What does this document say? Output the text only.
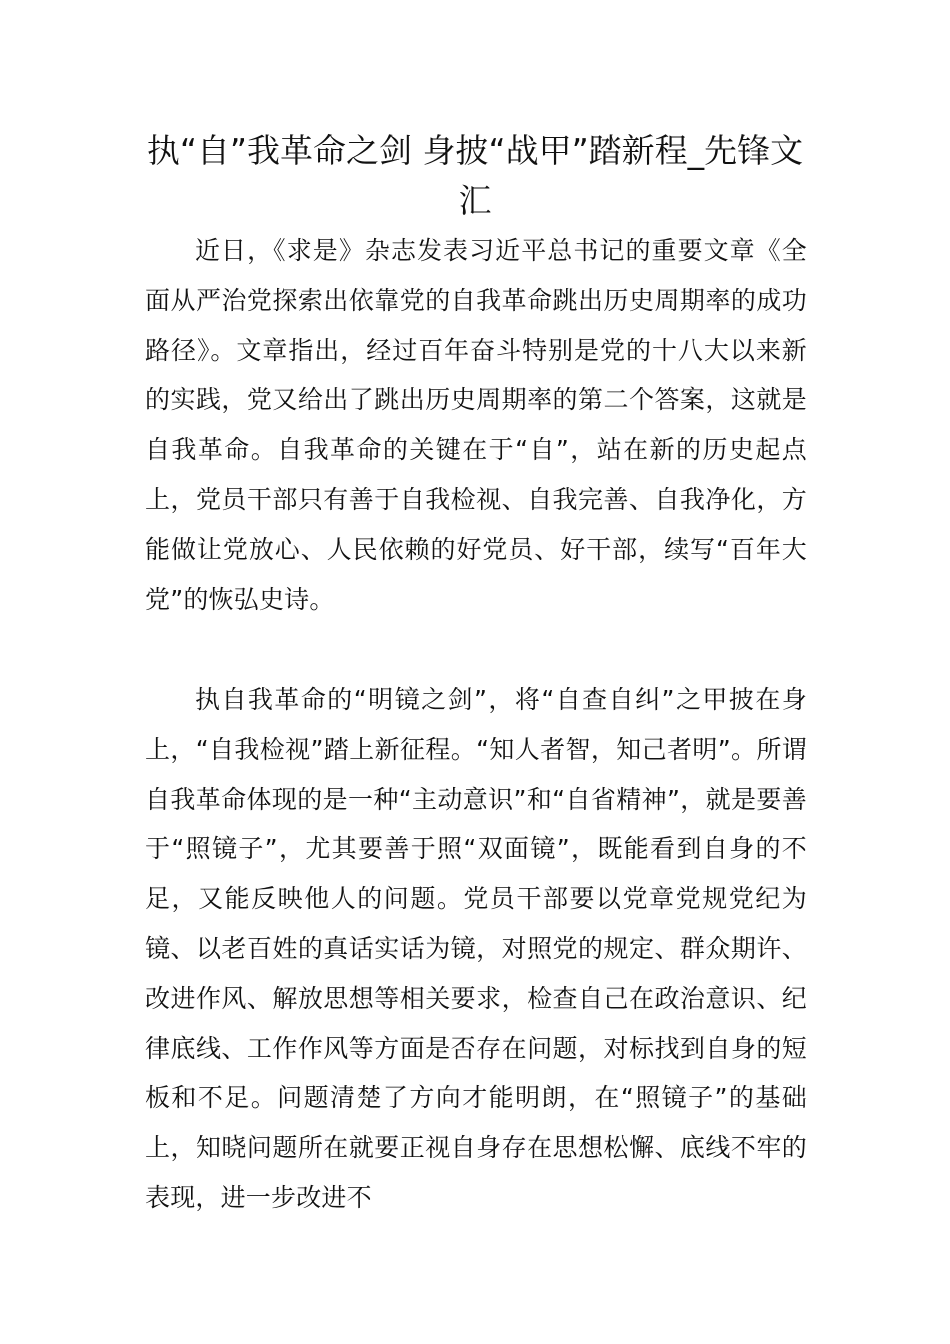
执“自”我革命之剑 身披“战甲”踏新程_先锋文汇

近日，《求是》杂志发表习近平总书记的重要文章《全面从严治党探索出依靠党的自我革命跳出历史周期率的成功路径》。文章指出，经过百年奋斗特别是党的十八大以来新的实践，党又给出了跳出历史周期率的第二个答案，这就是自我革命。自我革命的关键在于“自”，站在新的历史起点上，党员干部只有善于自我检视、自我完善、自我净化，方能做让党放心、人民依赖的好党员、好干部，续写“百年大党”的恢弘史诗。

执自我革命的“明镜之剑”，将“自查自纠”之甲披在身上，“自我检视”踏上新征程。“知人者智，知己者明”。所谓自我革命体现的是一种“主动意识”和“自省精神”，就是要善于“照镜子”，尤其要善于照“双面镜”，既能看到自身的不足，又能反映他人的问题。党员干部要以党章党规党纪为镜、以老百姓的真话实话为镜，对照党的规定、群众期许、改进作风、解放思想等相关要求，检查自己在政治意识、纪律底线、工作作风等方面是否存在问题，对标找到自身的短板和不足。问题清楚了方向才能明朗，在“照镜子”的基础上，知晓问题所在就要正视自身存在思想松懈、底线不牢的表现，进一步改进不
